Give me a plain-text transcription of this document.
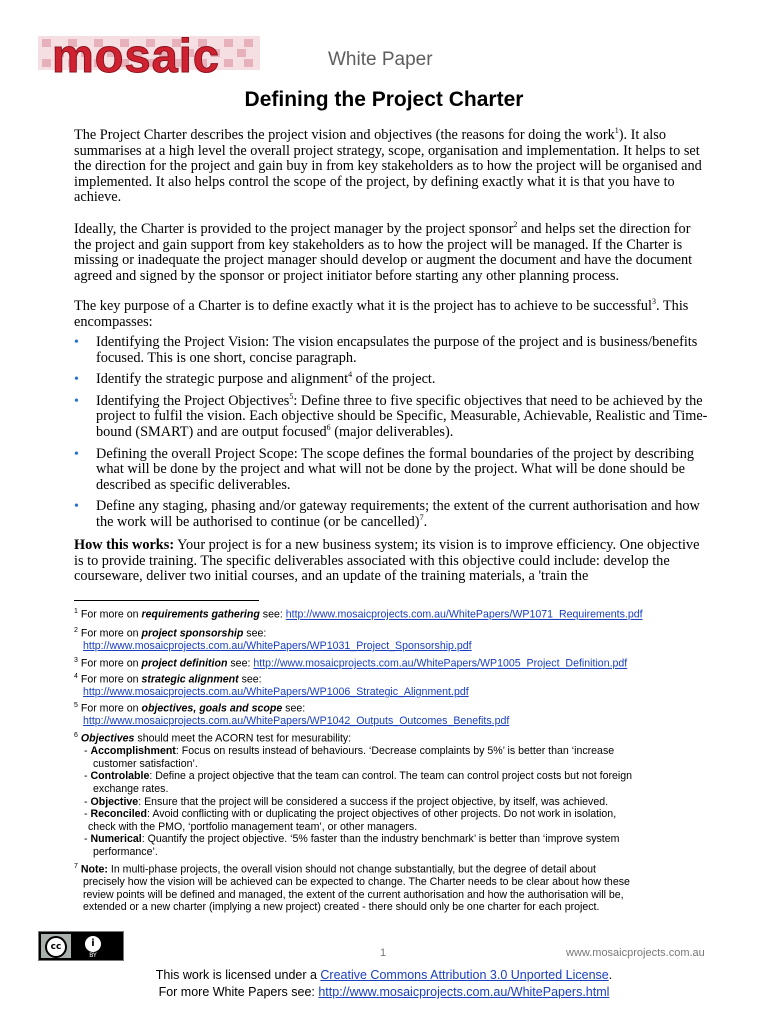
mosaic	White Paper
Defining the Project Charter
The Project Charter describes the project vision and objectives (the reasons for doing the work$^1$). It also summarises at a high level the overall project strategy, scope, organisation and implementation. It helps to set the direction for the project and gain buy in from key stakeholders as to how the project will be organised and implemented. It also helps control the scope of the project, by defining exactly what it is that you have to achieve.
Ideally, the Charter is provided to the project manager by the project sponsor$^2$ and helps set the direction for the project and gain support from key stakeholders as to how the project will be managed. If the Charter is missing or inadequate the project manager should develop or augment the document and have the document agreed and signed by the sponsor or project initiator before starting any other planning process.
The key purpose of a Charter is to define exactly what it is the project has to achieve to be successful$^3$. This encompasses:
• Identifying the Project Vision: The vision encapsulates the purpose of the project and is business/benefits focused. This is one short, concise paragraph.
• Identify the strategic purpose and alignment$^4$ of the project.
• Identifying the Project Objectives$^5$: Define three to five specific objectives that need to be achieved by the project to fulfil the vision. Each objective should be Specific, Measurable, Achievable, Realistic and Time-bound (SMART) and are output focused$^6$ (major deliverables).
• Defining the overall Project Scope: The scope defines the formal boundaries of the project by describing what will be done by the project and what will not be done by the project. What will be done should be described as specific deliverables.
• Define any staging, phasing and/or gateway requirements; the extent of the current authorisation and how the work will be authorised to continue (or be cancelled)$^7$.
How this works: Your project is for a new business system; its vision is to improve efficiency. One objective is to provide training. The specific deliverables associated with this objective could include: develop the courseware, deliver two initial courses, and an update of the training materials, a 'train the
$^1$ For more on requirements gathering see: http://www.mosaicprojects.com.au/WhitePapers/WP1071_Requirements.pdf
$^2$ For more on project sponsorship see:
http://www.mosaicprojects.com.au/WhitePapers/WP1031_Project_Sponsorship.pdf
$^3$ For more on project definition see: http://www.mosaicprojects.com.au/WhitePapers/WP1005_Project_Definition.pdf
$^4$ For more on strategic alignment see:
http://www.mosaicprojects.com.au/WhitePapers/WP1006_Strategic_Alignment.pdf
$^5$ For more on objectives, goals and scope see:
http://www.mosaicprojects.com.au/WhitePapers/WP1042_Outputs_Outcomes_Benefits.pdf
$^6$ Objectives should meet the ACORN test for mesurability:
- Accomplishment: Focus on results instead of behaviours. ‘Decrease complaints by 5%’ is better than ‘increase
customer satisfaction’.
- Controlable: Define a project objective that the team can control. The team can control project costs but not foreign
exchange rates.
- Objective: Ensure that the project will be considered a success if the project objective, by itself, was achieved.
- Reconciled: Avoid conflicting with or duplicating the project objectives of other projects. Do not work in isolation,
check with the PMO, ‘portfolio management team’, or other managers.
- Numerical: Quantify the project objective. ‘5% faster than the industry benchmark’ is better than ‘improve system
performance’.
$^7$ Note: In multi-phase projects, the overall vision should not change substantially, but the degree of detail about
precisely how the vision will be achieved can be expected to change. The Charter needs to be clear about how these
review points will be defined and managed, the extent of the current authorisation and how the authorisation will be,
extended or a new charter (implying a new project) created - there should only be one charter for each project.
cc	i
BY	1	www.mosaicprojects.com.au
This work is licensed under a Creative Commons Attribution 3.0 Unported License.
For more White Papers see: http://www.mosaicprojects.com.au/WhitePapers.html
